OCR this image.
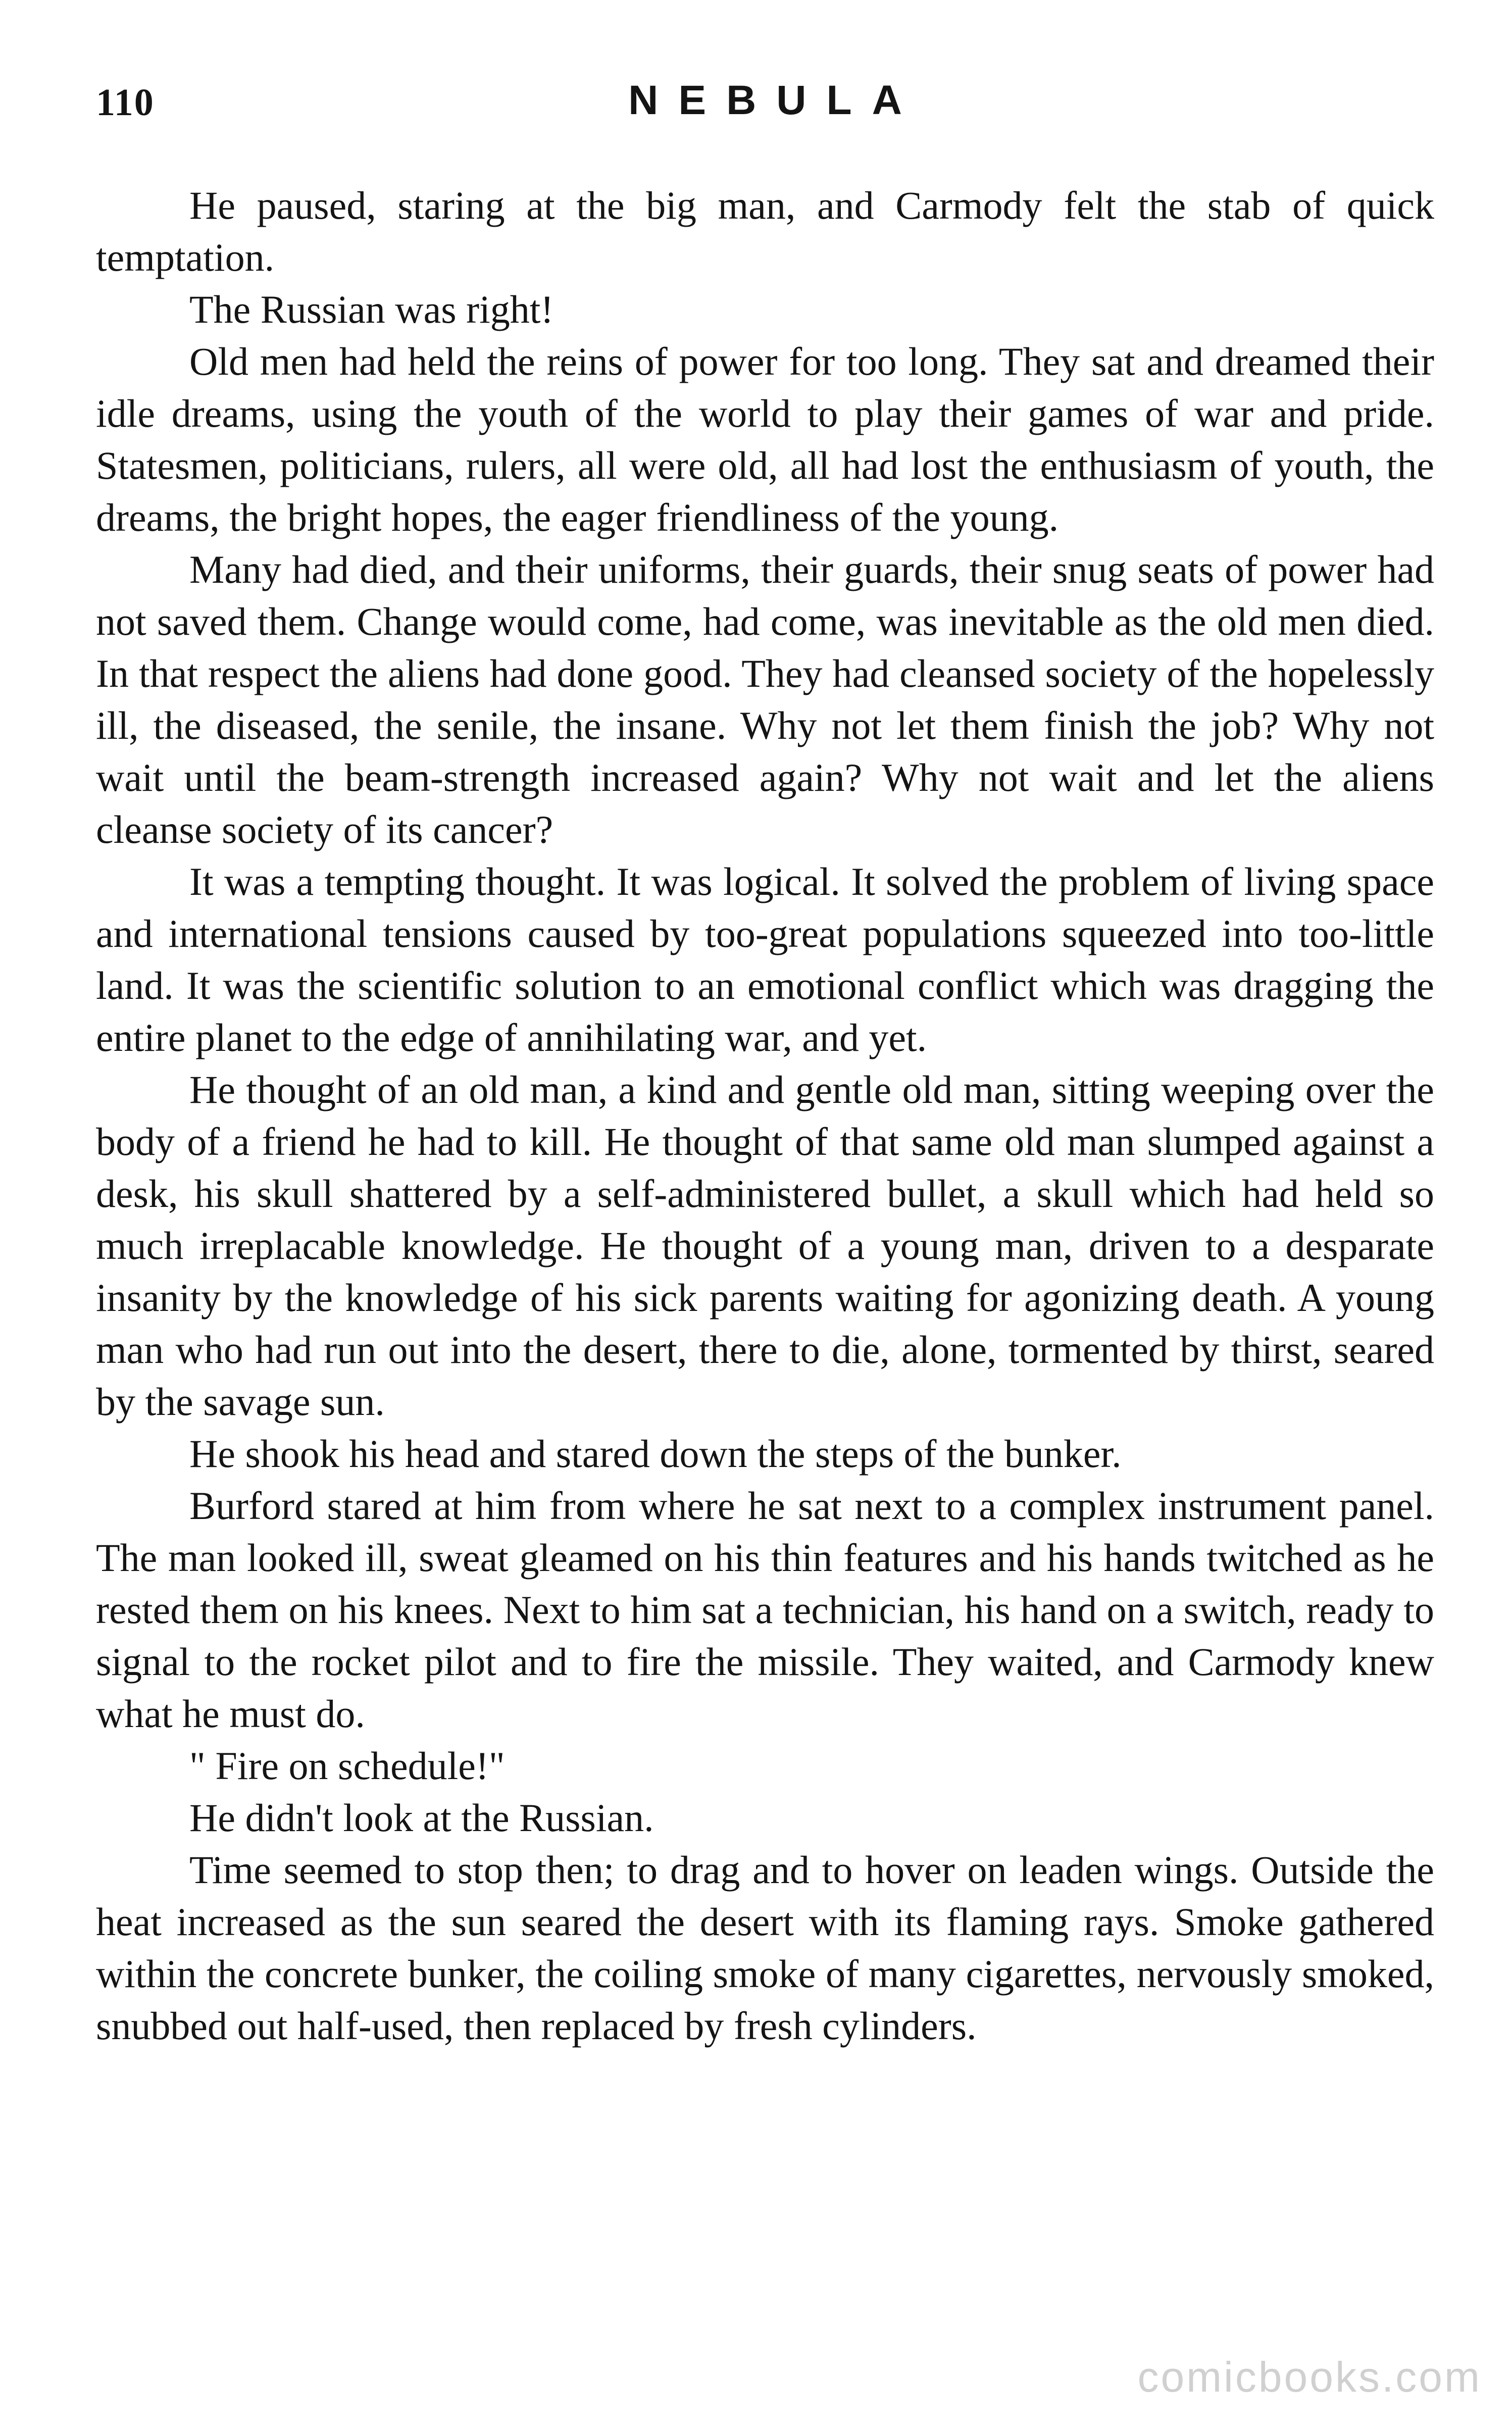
110	NEBULA

He paused, staring at the big man, and Carmody felt the stab of quick temptation.

The Russian was right!

Old men had held the reins of power for too long. They sat and dreamed their idle dreams, using the youth of the world to play their games of war and pride. Statesmen, politicians, rulers, all were old, all had lost the enthusiasm of youth, the dreams, the bright hopes, the eager friendliness of the young.

Many had died, and their uniforms, their guards, their snug seats of power had not saved them. Change would come, had come, was inevitable as the old men died. In that respect the aliens had done good. They had cleansed society of the hopelessly ill, the diseased, the senile, the insane. Why not let them finish the job? Why not wait until the beam-strength increased again? Why not wait and let the aliens cleanse society of its cancer?

It was a tempting thought. It was logical. It solved the problem of living space and international tensions caused by too-great populations squeezed into too-little land. It was the scientific solution to an emotional conflict which was dragging the entire planet to the edge of annihilating war, and yet.

He thought of an old man, a kind and gentle old man, sitting weeping over the body of a friend he had to kill. He thought of that same old man slumped against a desk, his skull shattered by a self-administered bullet, a skull which had held so much irreplacable knowledge. He thought of a young man, driven to a desparate insanity by the knowledge of his sick parents waiting for agonizing death. A young man who had run out into the desert, there to die, alone, tormented by thirst, seared by the savage sun.

He shook his head and stared down the steps of the bunker.

Burford stared at him from where he sat next to a complex instrument panel. The man looked ill, sweat gleamed on his thin features and his hands twitched as he rested them on his knees. Next to him sat a technician, his hand on a switch, ready to signal to the rocket pilot and to fire the missile. They waited, and Carmody knew what he must do.

" Fire on schedule!"

He didn't look at the Russian.

Time seemed to stop then; to drag and to hover on leaden wings. Outside the heat increased as the sun seared the desert with its flaming rays. Smoke gathered within the concrete bunker, the coiling smoke of many cigarettes, nervously smoked, snubbed out half-used, then replaced by fresh cylinders.

comicbooks.com
